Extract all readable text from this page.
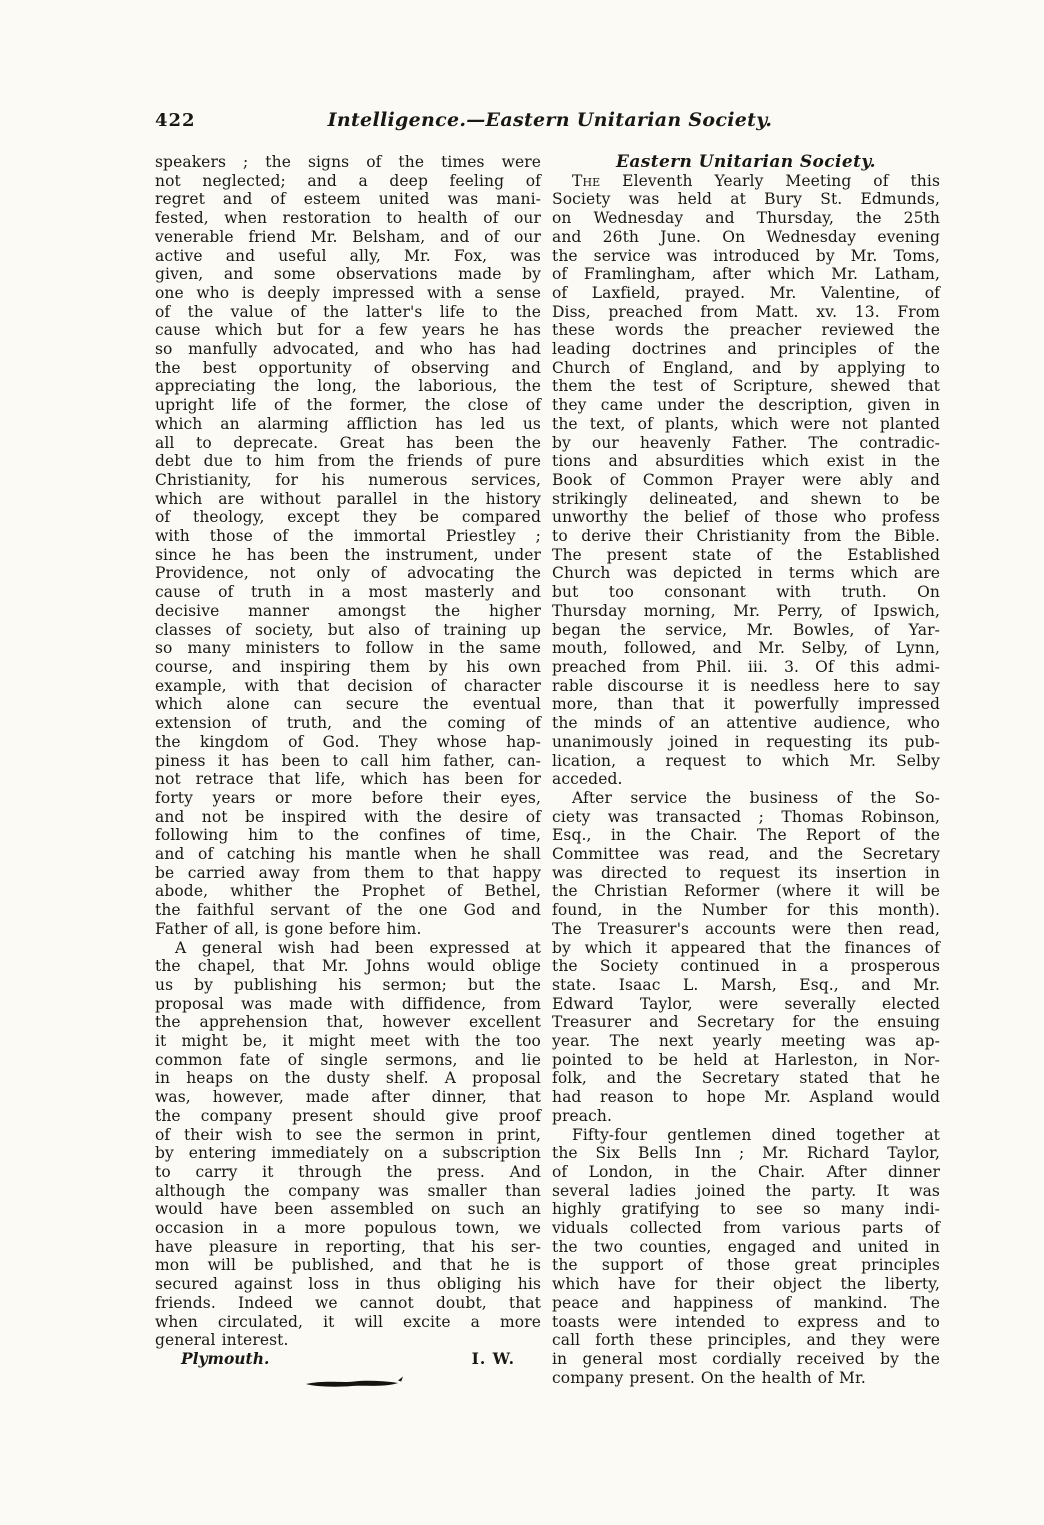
422	Intelligence.—Eastern Unitarian Society.
speakers ; the signs of the times were
not neglected; and a deep feeling of
regret and of esteem united was mani-
fested, when restoration to health of our
venerable friend Mr. Belsham, and of our
active and useful ally, Mr. Fox, was
given, and some observations made by
one who is deeply impressed with a sense
of the value of the latter's life to the
cause which but for a few years he has
so manfully advocated, and who has had
the best opportunity of observing and
appreciating the long, the laborious, the
upright life of the former, the close of
which an alarming affliction has led us
all to deprecate. Great has been the
debt due to him from the friends of pure
Christianity, for his numerous services,
which are without parallel in the history
of theology, except they be compared
with those of the immortal Priestley ;
since he has been the instrument, under
Providence, not only of advocating the
cause of truth in a most masterly and
decisive manner amongst the higher
classes of society, but also of training up
so many ministers to follow in the same
course, and inspiring them by his own
example, with that decision of character
which alone can secure the eventual
extension of truth, and the coming of
the kingdom of God. They whose hap-
piness it has been to call him father, can-
not retrace that life, which has been for
forty years or more before their eyes,
and not be inspired with the desire of
following him to the confines of time,
and of catching his mantle when he shall
be carried away from them to that happy
abode, whither the Prophet of Bethel,
the faithful servant of the one God and
Father of all, is gone before him.
A general wish had been expressed at
the chapel, that Mr. Johns would oblige
us by publishing his sermon; but the
proposal was made with diffidence, from
the apprehension that, however excellent
it might be, it might meet with the too
common fate of single sermons, and lie
in heaps on the dusty shelf. A proposal
was, however, made after dinner, that
the company present should give proof
of their wish to see the sermon in print,
by entering immediately on a subscription
to carry it through the press. And
although the company was smaller than
would have been assembled on such an
occasion in a more populous town, we
have pleasure in reporting, that his ser-
mon will be published, and that he is
secured against loss in thus obliging his
friends. Indeed we cannot doubt, that
when circulated, it will excite a more
general interest.
Plymouth.	I. W.
Eastern Unitarian Society.
The Eleventh Yearly Meeting of this
Society was held at Bury St. Edmunds,
on Wednesday and Thursday, the 25th
and 26th June. On Wednesday evening
the service was introduced by Mr. Toms,
of Framlingham, after which Mr. Latham,
of Laxfield, prayed. Mr. Valentine, of
Diss, preached from Matt. xv. 13. From
these words the preacher reviewed the
leading doctrines and principles of the
Church of England, and by applying to
them the test of Scripture, shewed that
they came under the description, given in
the text, of plants, which were not planted
by our heavenly Father. The contradic-
tions and absurdities which exist in the
Book of Common Prayer were ably and
strikingly delineated, and shewn to be
unworthy the belief of those who profess
to derive their Christianity from the Bible.
The present state of the Established
Church was depicted in terms which are
but too consonant with truth. On
Thursday morning, Mr. Perry, of Ipswich,
began the service, Mr. Bowles, of Yar-
mouth, followed, and Mr. Selby, of Lynn,
preached from Phil. iii. 3. Of this admi-
rable discourse it is needless here to say
more, than that it powerfully impressed
the minds of an attentive audience, who
unanimously joined in requesting its pub-
lication, a request to which Mr. Selby
acceded.
After service the business of the So-
ciety was transacted ; Thomas Robinson,
Esq., in the Chair. The Report of the
Committee was read, and the Secretary
was directed to request its insertion in
the Christian Reformer (where it will be
found, in the Number for this month).
The Treasurer's accounts were then read,
by which it appeared that the finances of
the Society continued in a prosperous
state. Isaac L. Marsh, Esq., and Mr.
Edward Taylor, were severally elected
Treasurer and Secretary for the ensuing
year. The next yearly meeting was ap-
pointed to be held at Harleston, in Nor-
folk, and the Secretary stated that he
had reason to hope Mr. Aspland would
preach.
Fifty-four gentlemen dined together at
the Six Bells Inn ; Mr. Richard Taylor,
of London, in the Chair. After dinner
several ladies joined the party. It was
highly gratifying to see so many indi-
viduals collected from various parts of
the two counties, engaged and united in
the support of those great principles
which have for their object the liberty,
peace and happiness of mankind. The
toasts were intended to express and to
call forth these principles, and they were
in general most cordially received by the
company present. On the health of Mr.
